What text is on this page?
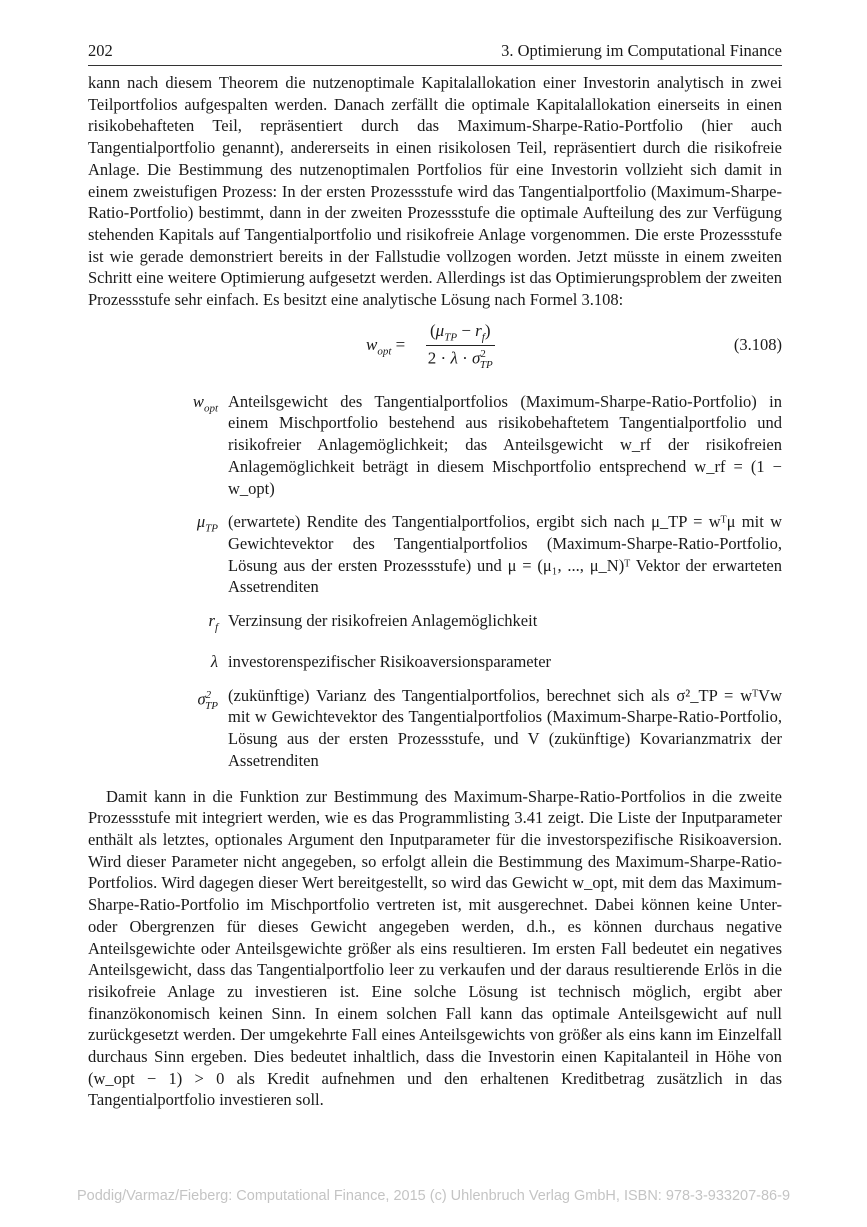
202	3. Optimierung im Computational Finance

kann nach diesem Theorem die nutzenoptimale Kapitalallokation einer Investorin analytisch in zwei Teilportfolios aufgespalten werden. Danach zerfällt die optimale Kapitalallokation einerseits in einen risikobehafteten Teil, repräsentiert durch das Maximum-Sharpe-Ratio-Portfolio (hier auch Tangentialportfolio genannt), andererseits in einen risikolosen Teil, repräsentiert durch die risikofreie Anlage. Die Bestimmung des nutzenoptimalen Portfolios für eine Investorin vollzieht sich damit in einem zweistufigen Prozess: In der ersten Prozessstufe wird das Tangentialportfolio (Maximum-Sharpe-Ratio-Portfolio) bestimmt, dann in der zweiten Prozessstufe die optimale Aufteilung des zur Verfügung stehenden Kapitals auf Tangentialportfolio und risikofreie Anlage vorgenommen. Die erste Prozessstufe ist wie gerade demonstriert bereits in der Fallstudie vollzogen worden. Jetzt müsste in einem zweiten Schritt eine weitere Optimierung aufgesetzt werden. Allerdings ist das Optimierungsproblem der zweiten Prozessstufe sehr einfach. Es besitzt eine analytische Lösung nach Formel 3.108:

$w_{opt}$ =
$(\mu_{TP} - r_f)$
$2 \cdot \lambda \cdot \sigma^2_{TP}$
(3.108)
$w_{opt}$ Anteilsgewicht des Tangentialportfolios (Maximum-Sharpe-Ratio-Portfolio) in einem Mischportfolio bestehend aus risikobehaftetem Tangentialportfolio und risikofreier Anlagemöglichkeit; das Anteilsgewicht w_rf der risikofreien Anlagemöglichkeit beträgt in diesem Mischportfolio entsprechend w_rf = (1 − w_opt)
$\mu_{TP}$ (erwartete) Rendite des Tangentialportfolios, ergibt sich nach μ_TP = wᵀμ mit w Gewichtevektor des Tangentialportfolios (Maximum-Sharpe-Ratio-Portfolio, Lösung aus der ersten Prozessstufe) und μ = (μ₁, ..., μ_N)ᵀ Vektor der erwarteten Assetrenditen
$r_f$ Verzinsung der risikofreien Anlagemöglichkeit
λ investorenspezifischer Risikoaversionsparameter
$\sigma^2_{TP}$
(zukünftige) Varianz des Tangentialportfolios, berechnet sich als σ²_TP = wᵀVw mit w Gewichtevektor des Tangentialportfolios (Maximum-Sharpe-Ratio-Portfolio, Lösung aus der ersten Prozessstufe, und V (zukünftige) Kovarianzmatrix der Assetrenditen

Damit kann in die Funktion zur Bestimmung des Maximum-Sharpe-Ratio-Portfolios in die zweite Prozessstufe mit integriert werden, wie es das Programmlisting 3.41 zeigt. Die Liste der Inputparameter enthält als letztes, optionales Argument den Inputparameter für die investorspezifische Risikoaversion. Wird dieser Parameter nicht angegeben, so erfolgt allein die Bestimmung des Maximum-Sharpe-Ratio-Portfolios. Wird dagegen dieser Wert bereitgestellt, so wird das Gewicht w_opt, mit dem das Maximum-Sharpe-Ratio-Portfolio im Mischportfolio vertreten ist, mit ausgerechnet. Dabei können keine Unter- oder Obergrenzen für dieses Gewicht angegeben werden, d.h., es können durchaus negative Anteilsgewichte oder Anteilsgewichte größer als eins resultieren. Im ersten Fall bedeutet ein negatives Anteilsgewicht, dass das Tangentialportfolio leer zu verkaufen und der daraus resultierende Erlös in die risikofreie Anlage zu investieren ist. Eine solche Lösung ist technisch möglich, ergibt aber finanzökonomisch keinen Sinn. In einem solchen Fall kann das optimale Anteilsgewicht auf null zurückgesetzt werden. Der umgekehrte Fall eines Anteilsgewichts von größer als eins kann im Einzelfall durchaus Sinn ergeben. Dies bedeutet inhaltlich, dass die Investorin einen Kapitalanteil in Höhe von (w_opt − 1) > 0 als Kredit aufnehmen und den erhaltenen Kreditbetrag zusätzlich in das Tangentialportfolio investieren soll.

Poddig/Varmaz/Fieberg: Computational Finance, 2015 (c) Uhlenbruch Verlag GmbH, ISBN: 978-3-933207-86-9
